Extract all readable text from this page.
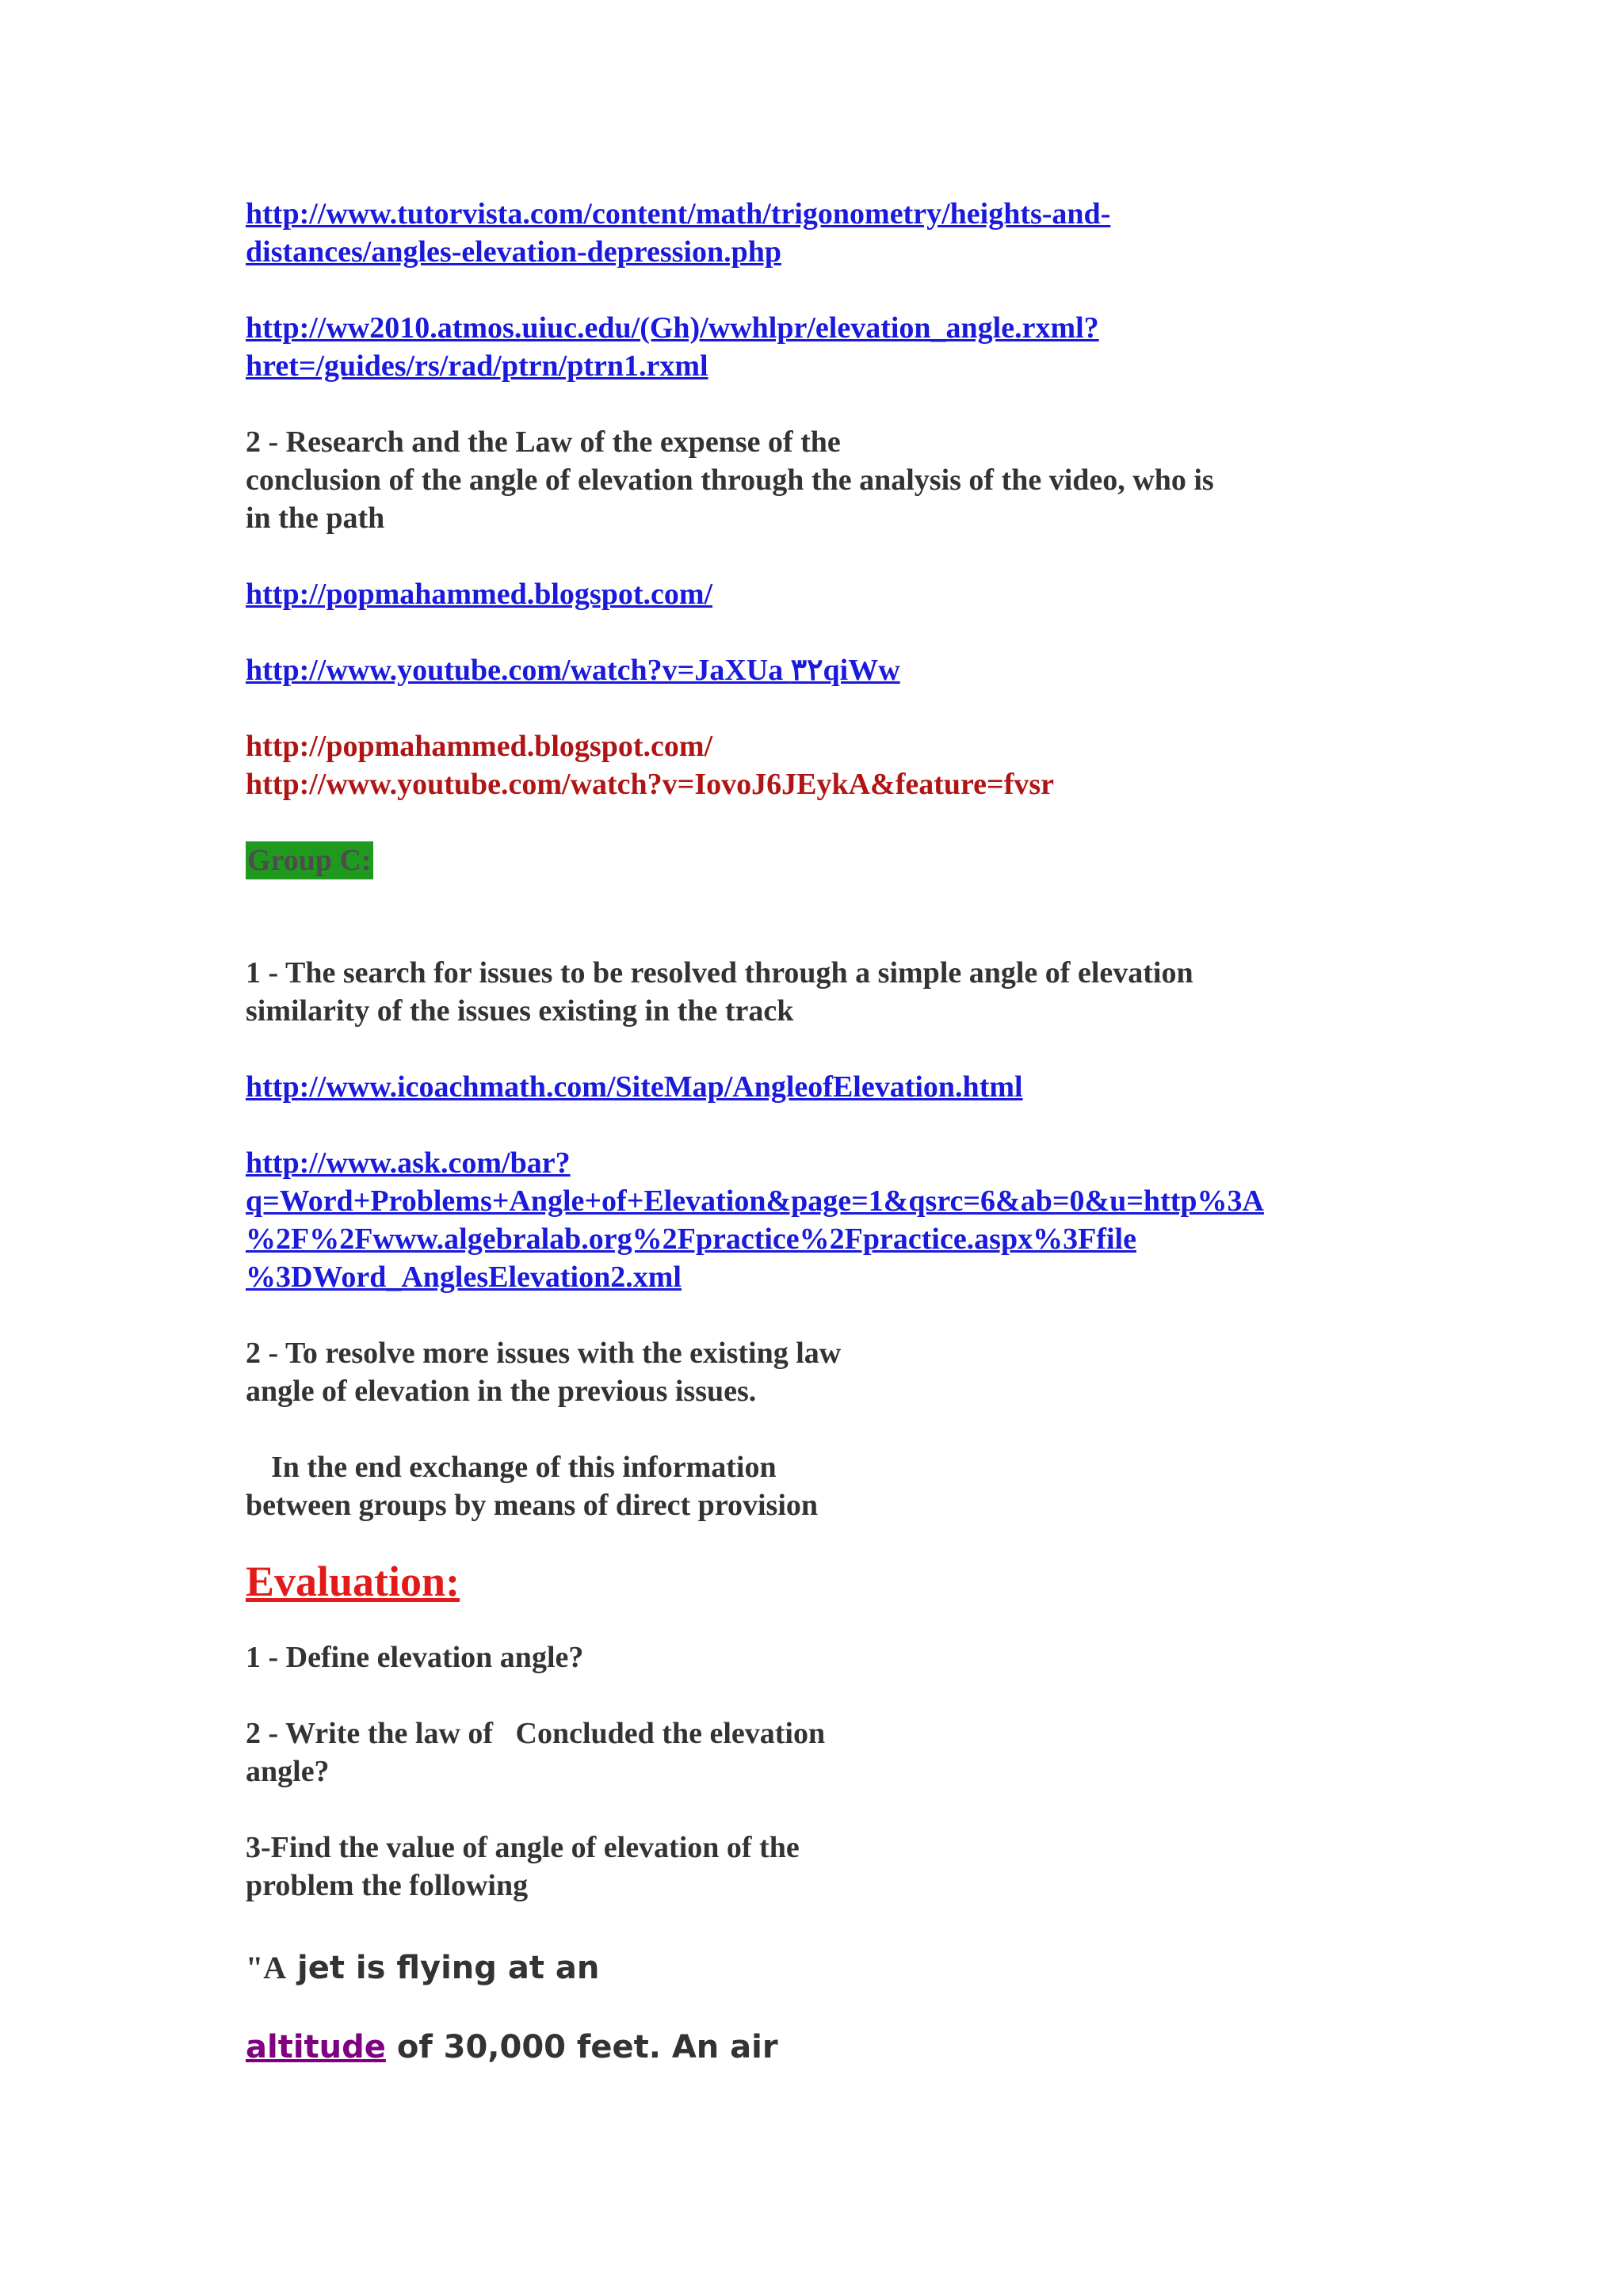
http://www.tutorvista.com/content/math/trigonometry/heights-and-
distances/angles-elevation-depression.php
http://ww2010.atmos.uiuc.edu/(Gh)/wwhlpr/elevation_angle.rxml?
hret=/guides/rs/rad/ptrn/ptrn1.rxml
2 - Research and the Law of the expense of the
conclusion of the angle of elevation through the analysis of the video, who is
in the path
http://popmahammed.blogspot.com/
http://www.youtube.com/watch?v=JaXUa ٣٢qiWw
http://popmahammed.blogspot.com/
http://www.youtube.com/watch?v=IovoJ6JEykA&feature=fvsr
Group C:
1 - The search for issues to be resolved through a simple angle of elevation
similarity of the issues existing in the track
http://www.icoachmath.com/SiteMap/AngleofElevation.html
http://www.ask.com/bar?
q=Word+Problems+Angle+of+Elevation&page=1&qsrc=6&ab=0&u=http%3A
%2F%2Fwww.algebralab.org%2Fpractice%2Fpractice.aspx%3Ffile
%3DWord_AnglesElevation2.xml
2 - To resolve more issues with the existing law
angle of elevation in the previous issues.
In the end exchange of this information
between groups by means of direct provision
Evaluation:
1 - Define elevation angle?
2 - Write the law of   Concluded the elevation
angle?
3-Find the value of angle of elevation of the
problem the following
"A jet is flying at an
altitude of 30,000 feet. An air
